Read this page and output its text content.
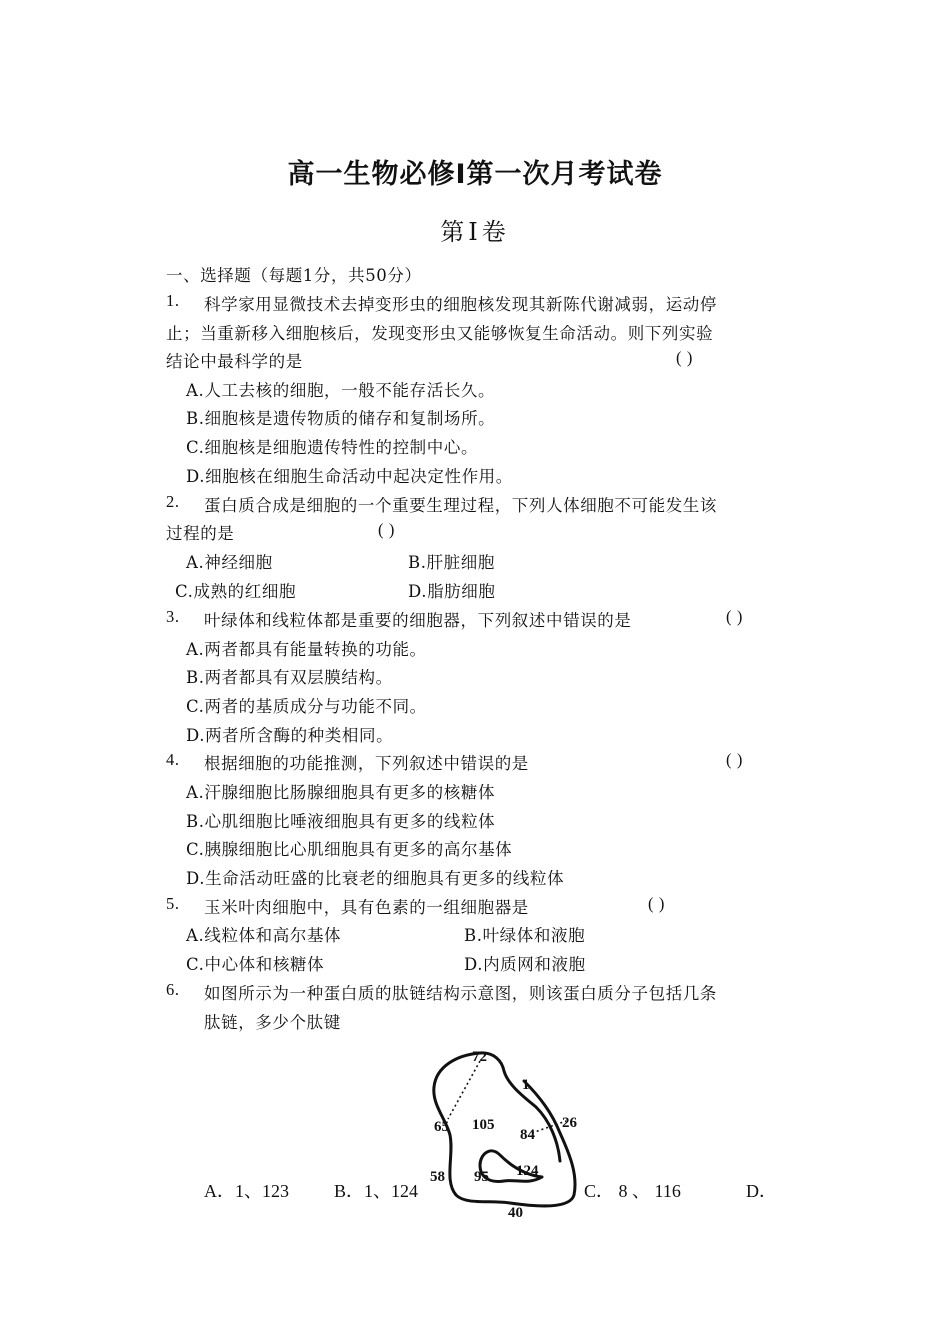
高一生物必修Ⅰ第一次月考试卷
第Ⅰ卷
一、选择题（每题1分，共50分）
1. 科学家用显微技术去掉变形虫的细胞核发现其新陈代谢减弱，运动停
止；当重新移入细胞核后，发现变形虫又能够恢复生命活动。则下列实验
结论中最科学的是	( )
A.人工去核的细胞，一般不能存活长久。
B.细胞核是遗传物质的储存和复制场所。
C.细胞核是细胞遗传特性的控制中心。
D.细胞核在细胞生命活动中起决定性作用。
2. 蛋白质合成是细胞的一个重要生理过程，下列人体细胞不可能发生该
过程的是	( )
A.神经细胞	B.肝脏细胞
C.成熟的红细胞	D.脂肪细胞
3. 叶绿体和线粒体都是重要的细胞器，下列叙述中错误的是	( )
A.两者都具有能量转换的功能。
B.两者都具有双层膜结构。
C.两者的基质成分与功能不同。
D.两者所含酶的种类相同。
4. 根据细胞的功能推测，下列叙述中错误的是	( )
A.汗腺细胞比肠腺细胞具有更多的核糖体
B.心肌细胞比唾液细胞具有更多的线粒体
C.胰腺细胞比心肌细胞具有更多的高尔基体
D.生命活动旺盛的比衰老的细胞具有更多的线粒体
5. 玉米叶肉细胞中，具有色素的一组细胞器是	( )
A.线粒体和高尔基体	B.叶绿体和液胞
C.中心体和核糖体	D.内质网和液胞
6. 如图所示为一种蛋白质的肽链结构示意图，则该蛋白质分子包括几条
肽链，多少个肽键
72
1
26
65 105
84
124
95
58
40
A．1、123	B．1、124	C． 8 、 116	D．
